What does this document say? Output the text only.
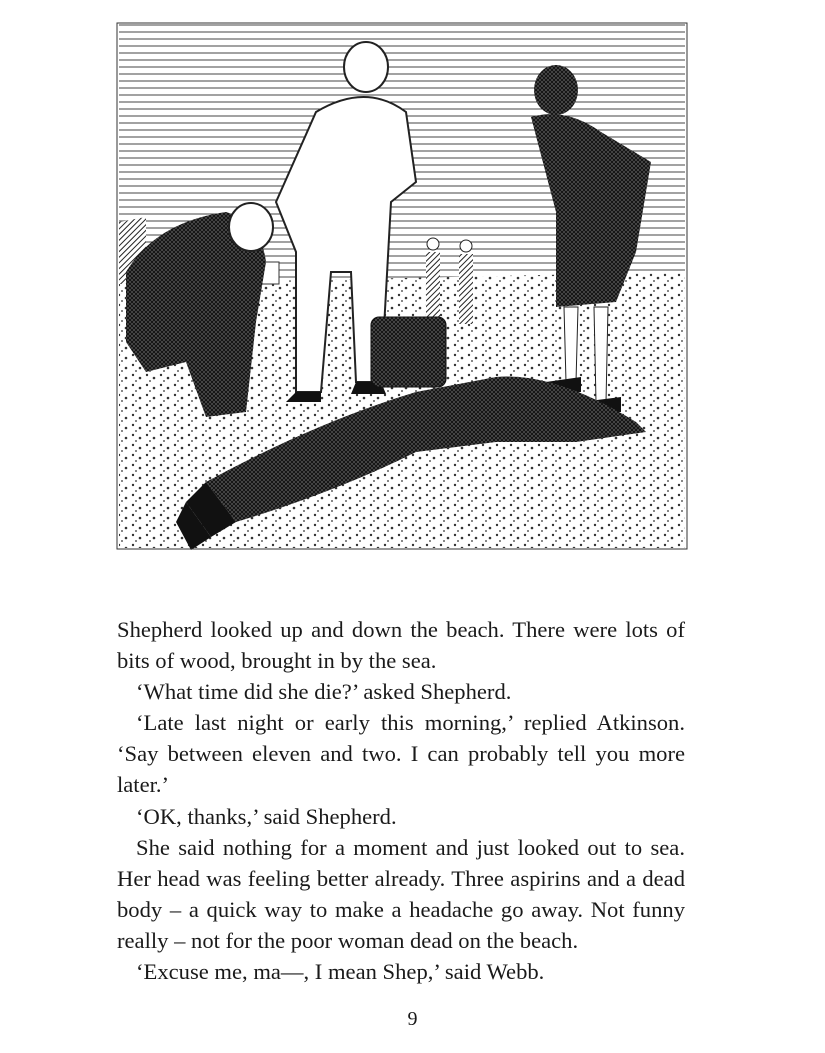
Shepherd looked up and down the beach. There were lots of bits of wood, brought in by the sea.

‘What time did she die?’ asked Shepherd.

‘Late last night or early this morning,’ replied Atkinson. ‘Say between eleven and two. I can probably tell you more later.’

‘OK, thanks,’ said Shepherd.

She said nothing for a moment and just looked out to sea. Her head was feeling better already. Three aspirins and a dead body – a quick way to make a headache go away. Not funny really – not for the poor woman dead on the beach.

‘Excuse me, ma—, I mean Shep,’ said Webb.

9
